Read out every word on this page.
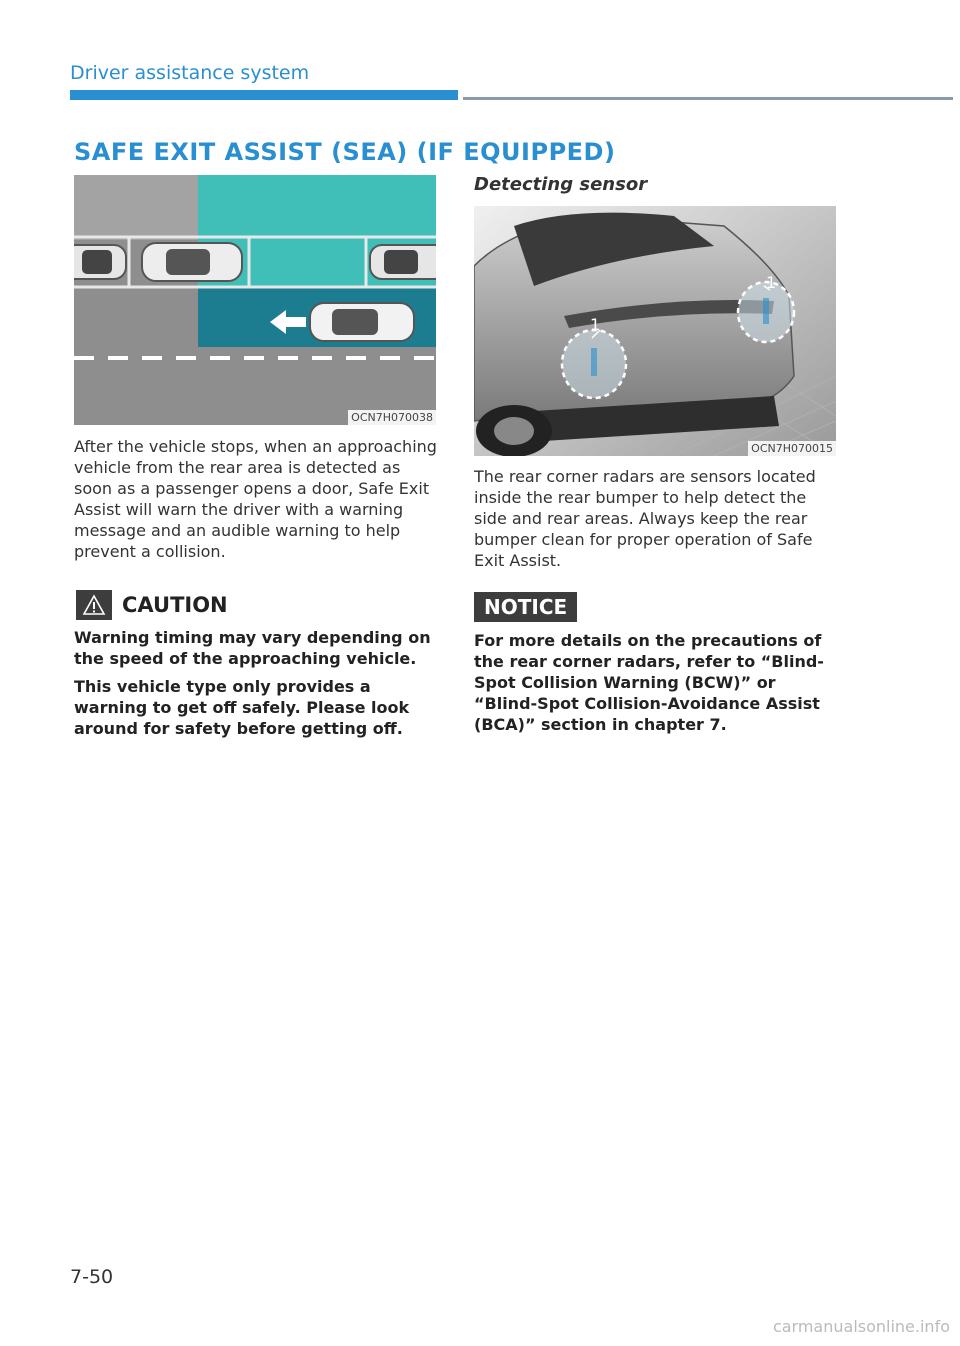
Driver assistance system
SAFE EXIT ASSIST (SEA) (IF EQUIPPED)
OCN7H070038

After the vehicle stops, when an approaching vehicle from the rear area is detected as soon as a passenger opens a door, Safe Exit Assist will warn the driver with a warning message and an audible warning to help prevent a collision.

CAUTION

Warning timing may vary depending on the speed of the approaching vehicle.

This vehicle type only provides a warning to get off safely. Please look around for safety before getting off.

Detecting sensor
1
1
OCN7H070015

The rear corner radars are sensors located inside the rear bumper to help detect the side and rear areas. Always keep the rear bumper clean for proper operation of Safe Exit Assist.

NOTICE

For more details on the precautions of the rear corner radars, refer to “Blind-Spot Collision Warning (BCW)” or “Blind-Spot Collision-Avoidance Assist (BCA)” section in chapter 7.

7-50
carmanualsonline.info
